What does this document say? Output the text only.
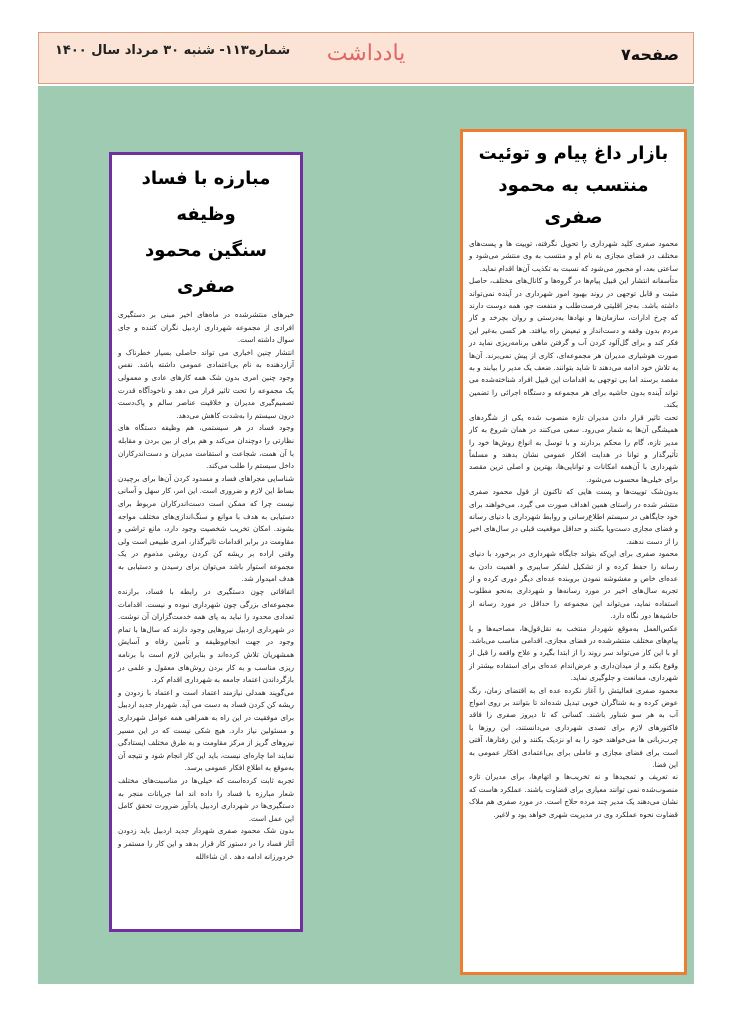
شماره۱۱۳- شنبه ۳۰ مرداد سال ۱۴۰۰	یادداشت	صفحه۷
بازار داغ پیام و توئیت
منتسب به محمود صفری

محمود صفری کلید شهرداری را تحویل نگرفته، توییت ها و پست‌های مختلف در فضای مجازی به نام او و منتسب به وی منتشر می‌شود و ساعتی بعد، او مجبور می‌شود که نسبت به تکذیب آن‌ها اقدام نماید.

متأسفانه انتشار این قبیل پیام‌ها در گروه‌ها و کانال‌های مختلف، حاصل مثبت و قابل توجهی در روند بهبود امور شهرداری در آینده نمی‌تواند داشته باشد. به‌جز اقلیتی فرصت‌طلب و منفعت جو، همه دوست دارند که چرخ ادارات، سازمان‌ها و نهادها به‌درستی و روان بچرخد و کار مردم بدون وقفه و دست‌انداز و تبعیض راه بیافتد. هر کسی به‌غیر این فکر کند و برای گل‌آلود کردن آب و گرفتن ماهی برنامه‌ریزی نماید در صورت هوشیاری مدیران هر مجموعه‌ای، کاری از پیش نمی‌برند. آن‌ها به تلاش خود ادامه می‌دهند تا شاید بتوانند. ضعف یک مدیر را بیابند و به مقصد برسند اما بی توجهی به اقدامات این قبیل افراد شناخته‌شده می تواند آینده بدون حاشیه برای هر مجموعه و دستگاه اجرائی را تضمین بکند.

تحت تاثیر قرار دادن مدیران تازه منصوب شده یکی از شگردهای همیشگی آن‌ها به شمار می‌رود. سعی می‌کنند در همان شروع به کار مدیر تازه، گام را محکم بردارند و با توسل به انواع روش‌ها خود را تأثیرگذار و توانا در هدایت افکار عمومی نشان بدهند و مسلماً شهرداری با آن‌همه امکانات و توانایی‌ها، بهترین و اصلی ترین مقصد برای خیلی‌ها محسوب می‌شود.

بدون‌شک توییت‌ها و پست هایی که تاکنون از قول محمود صفری منتشر شده در راستای همین اهداف صورت می گیرد. می‌خواهند برای خود جایگاهی در سیستم اطلاع‌رسانی و روابط شهرداری با دنیای رسانه و فضای مجازی دست‌وپا بکنند و حداقل موقعیت قبلی در سال‌های اخیر را از دست ندهند.

محمود صفری برای این‌که بتواند جایگاه شهرداری در برخورد با دنیای رسانه را حفظ کرده و از تشکیل لشکر سایبری و اهمیت دادن به عده‌ای خاص و مغشوشه نمودن بروبنده عده‌ای دیگر دوری کرده و از تجربه سال‌های اخیر در مورد رسانه‌ها و شهرداری به‌نحو مطلوب استفاده نماید، می‌تواند این مجموعه را حداقل در مورد رسانه از حاشیه‌ها دور نگاه دارد.

عکس‌العمل به‌موقع شهردار منتخب به نقل‌قول‌ها، مصاحبه‌ها و یا پیام‌های مختلف منتشرشده در فضای مجازی، اقدامی مناسب می‌باشد. او با این کار می‌تواند سر روند را از ابتدا بگیرد و علاج واقعه را قبل از وقوع بکند و از میدان‌داری و عرض‌اندام عده‌ای برای استفاده بیشتر از شهرداری، ممانعت و جلوگیری نماید.

محمود صفری فعالیتش را آغاز نکرده عده ای به اقتضای زمان، رنگ عوض کرده و به شناگران خوبی تبدیل شده‌اند تا بتوانند بر روی امواج آب به هر سو شناور باشند. کسانی که تا دیروز صفری را فاقد فاکتورهای لازم برای تصدی شهرداری می‌دانستند، این روزها با چرب‌زبانی ها می‌خواهند خود را به او نزدیک بکنند و این رفتارها، آفتی است برای فضای مجازی و عاملی برای بی‌اعتمادی افکار عمومی به این فضا.

نه تعریف و تمجیدها و نه تخریب‌ها و اتهام‌ها، برای مدیران تازه منصوب‌شده نمی توانند معیاری برای قضاوت باشند. عملکرد هاست که نشان می‌دهند یک مدیر چند مرده حلاج است. در مورد صفری هم ملاک قضاوت نحوه عملکرد وی در مدیریت شهری خواهد بود و لاغیر.

مبارزه با فساد وظیفه
سنگین محمود صفری

خبرهای منتشرشده در ماه‌های اخیر مبنی بر دستگیری افرادی از مجموعه شهرداری اردبیل نگران کننده و جای سوال داشته است.

انتشار چنین اخباری می تواند حاصلی بسیار خطرناک و آزاردهنده به نام بی‌اعتمادی عمومی داشته باشد. نفس وجود چنین امری بدون شک همه کارهای عادی و معمولی یک مجموعه را تحت تاثیر قرار می دهد و ناخودآگاه قدرت تصمیم‌گیری مدیران و خلاقیت عناصر سالم و پاک‌دست درون سیستم را به‌شدت کاهش می‌دهد.

وجود فساد در هر سیستمی، هم وظیفه دستگاه های نظارتی را دوچندان می‌کند و هم برای از بین بردن و مقابله با آن همت، شجاعت و استقامت مدیران و دست‌اندرکاران داخل سیستم را طلب می‌کند.

شناسایی مجراهای فساد و مسدود کردن آن‌ها برای برچیدن بساط این لازم و ضروری است. این امر، کار سهل و آسانی نیست چرا که ممکن است دست‌اندرکاران مربوط برای دستیابی به هدف با موانع و سنگ‌اندازی‌های مختلف مواجه بشوند. امکان تخریب شخصیت وجود دارد، مانع تراشی و مقاومت در برابر اقدامات تاثیرگذار، امری طبیعی است ولی وقتی اراده بر ریشه کن کردن روشی مذموم در یک مجموعه استوار باشد می‌توان برای رسیدن و دستیابی به هدف امیدوار شد.

اتفاقاتی چون دستگیری در رابطه با فساد، برازنده مجموعه‌ای بزرگی چون شهرداری نبوده و نیست. اقدامات تعدادی محدود را نباید به پای همه خدمت‌گزاران آن نوشت. در شهرداری اردبیل نیروهایی وجود دارند که سال‌ها با تمام وجود در جهت انجام‌وظیفه و تأمین رفاه و آسایش همشهریان تلاش کرده‌اند و بنابراین لازم است با برنامه ریزی مناسب و به کار بردن روش‌های معقول و علمی در بازگرداندن اعتماد جامعه به شهرداری اقدام کرد.

می‌گویند همدلی نیازمند اعتماد است و اعتماد با زدودن و ریشه کن کردن فساد به دست می آید. شهردار جدید اردبیل برای موفقیت در این راه به همراهی همه عوامل شهرداری و مسئولین نیاز دارد. هیچ شکی نیست که در این مسیر نیروهای گریز از مرکز مقاومت و به طرق مختلف ایستادگی نمایند اما چاره‌ای نیست، باید این کار انجام شود و نتیجه آن به‌موقع به اطلاع افکار عمومی برسد.

تجربه ثابت کرده‌است که خیلی‌ها در مناسبت‌های مختلف شعار مبارزه با فساد را داده اند اما جریانات منجر به دستگیری‌ها در شهرداری اردبیل یادآور ضرورت تحقق کامل این عمل است.

بدون شک محمود صفری شهردار جدید اردبیل باید زدودن آثار فساد را در دستور کار قرار بدهد و این کار را مستمر و خردورزانه ادامه دهد . ان شاءالله
